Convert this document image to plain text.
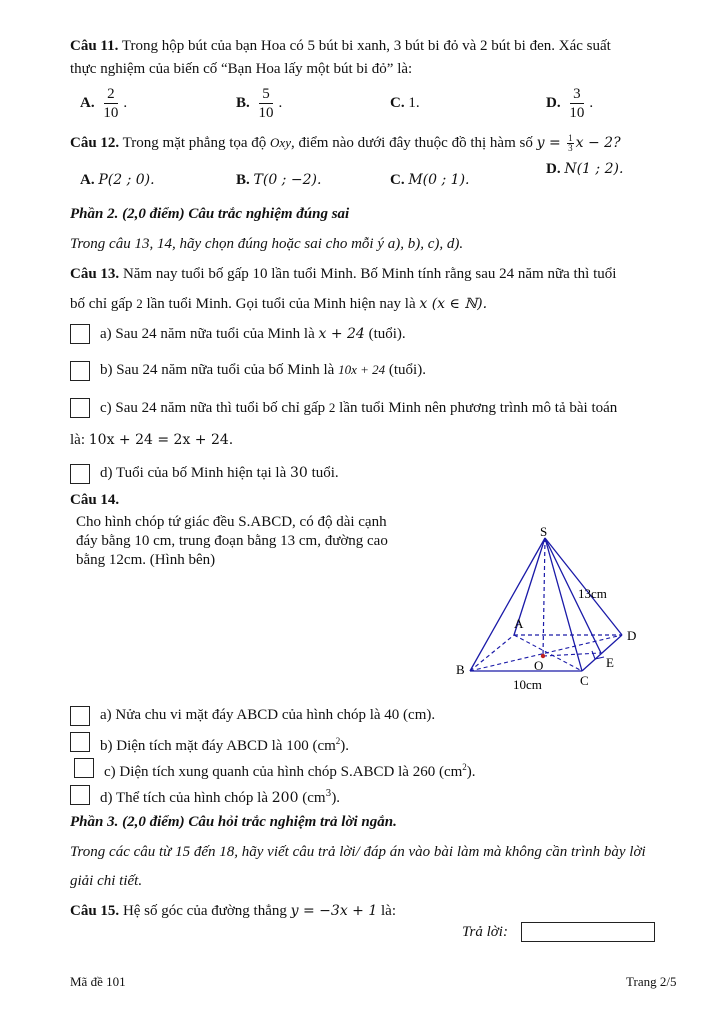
Câu 11. Trong hộp bút của bạn Hoa có 5 bút bi xanh, 3 bút bi đỏ và 2 bút bi đen. Xác suất
thực nghiệm của biến cố “Bạn Hoa lấy một bút bi đỏ” là:
A. $\frac{2}{10}$ .	B. $\frac{5}{10}$ .	C. 1.	D. $\frac{3}{10}$ .
Câu 12. Trong mặt phẳng tọa độ Oxy, điểm nào dưới đây thuộc đồ thị hàm số $y = \frac{1}{3}$ x − 2?
A. P(2 ; 0).	B. T(0 ; −2).	C. M(0 ; 1).
D. N(1 ; 2).
Phần 2. (2,0 điểm) Câu trắc nghiệm đúng sai
Trong câu 13, 14, hãy chọn đúng hoặc sai cho mỗi ý a), b), c), d).
Câu 13. Năm nay tuổi bố gấp 10 lần tuổi Minh. Bố Minh tính rằng sau 24 năm nữa thì tuổi
bố chỉ gấp 2 lần tuổi Minh. Gọi tuổi của Minh hiện nay là x (x ∈ ℕ).
a) Sau 24 năm nữa tuổi của Minh là x + 24 (tuổi).
b) Sau 24 năm nữa tuổi của bố Minh là 10x + 24 (tuổi).
c) Sau 24 năm nữa thì tuổi bố chỉ gấp 2 lần tuổi Minh nên phương trình mô tả bài toán
là: 10x + 24 = 2x + 24.
d) Tuổi của bố Minh hiện tại là 30 tuổi.
Câu 14.
Cho hình chóp tứ giác đều S.ABCD, có độ dài cạnh
đáy bằng 10 cm, trung đoạn bằng 13 cm, đường cao
bằng 12cm. (Hình bên)
S
A
B
C
D
O	E
13cm
10cm
a) Nửa chu vi mặt đáy ABCD của hình chóp là 40 (cm).
b) Diện tích mặt đáy ABCD là 100 $(cm^2)$.
c) Diện tích xung quanh của hình chóp S.ABCD là 260 $(cm^2)$.
d) Thể tích của hình chóp là 200 $(cm^3)$.
Phần 3. (2,0 điểm) Câu hỏi trắc nghiệm trả lời ngắn.
Trong các câu từ 15 đến 18, hãy viết câu trả lời/ đáp án vào bài làm mà không cần trình bày lời
giải chi tiết.
Câu 15. Hệ số góc của đường thẳng y = −3x + 1 là:
Trả lời:
Mã đề 101	Trang 2/5
